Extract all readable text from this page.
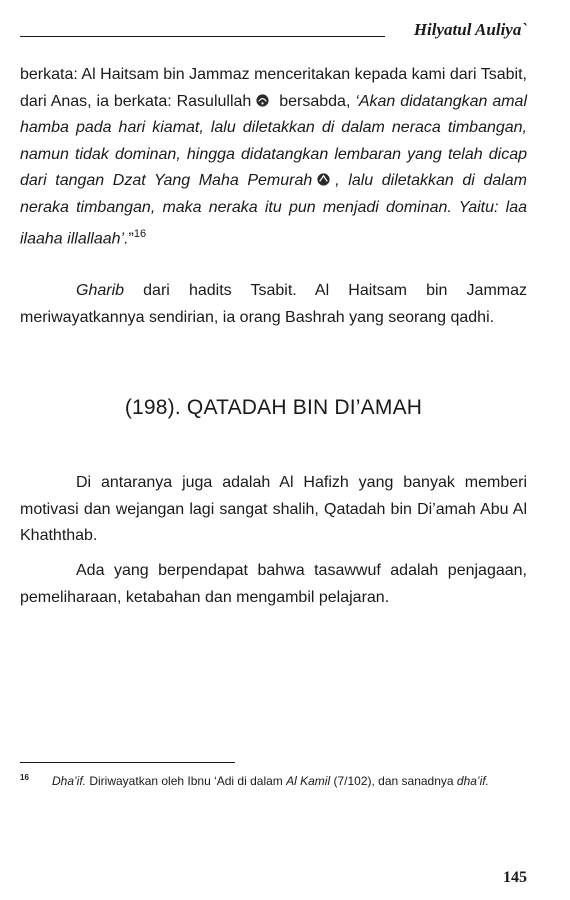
Hilyatul Auliya`

berkata: Al Haitsam bin Jammaz menceritakan kepada kami dari Tsabit, dari Anas, ia berkata: Rasulullah bersabda, ‘Akan didatangkan amal hamba pada hari kiamat, lalu diletakkan di dalam neraca timbangan, namun tidak dominan, hingga didatangkan lembaran yang telah dicap dari tangan Dzat Yang Maha Pemurah , lalu diletakkan di dalam neraka timbangan, maka neraka itu pun menjadi dominan. Yaitu: laa ilaaha illallaah’.”$^{16}$

Gharib dari hadits Tsabit. Al Haitsam bin Jammaz meriwayatkannya sendirian, ia orang Bashrah yang seorang qadhi.

(198). QATADAH BIN DI’AMAH

Di antaranya juga adalah Al Hafizh yang banyak memberi motivasi dan wejangan lagi sangat shalih, Qatadah bin Di’amah Abu Al Khaththab.

Ada yang berpendapat bahwa tasawwuf adalah penjagaan, pemeliharaan, ketabahan dan mengambil pelajaran.

16 Dha’if. Diriwayatkan oleh Ibnu ‘Adi di dalam Al Kamil (7/102), dan sanadnya dha’if.

145
